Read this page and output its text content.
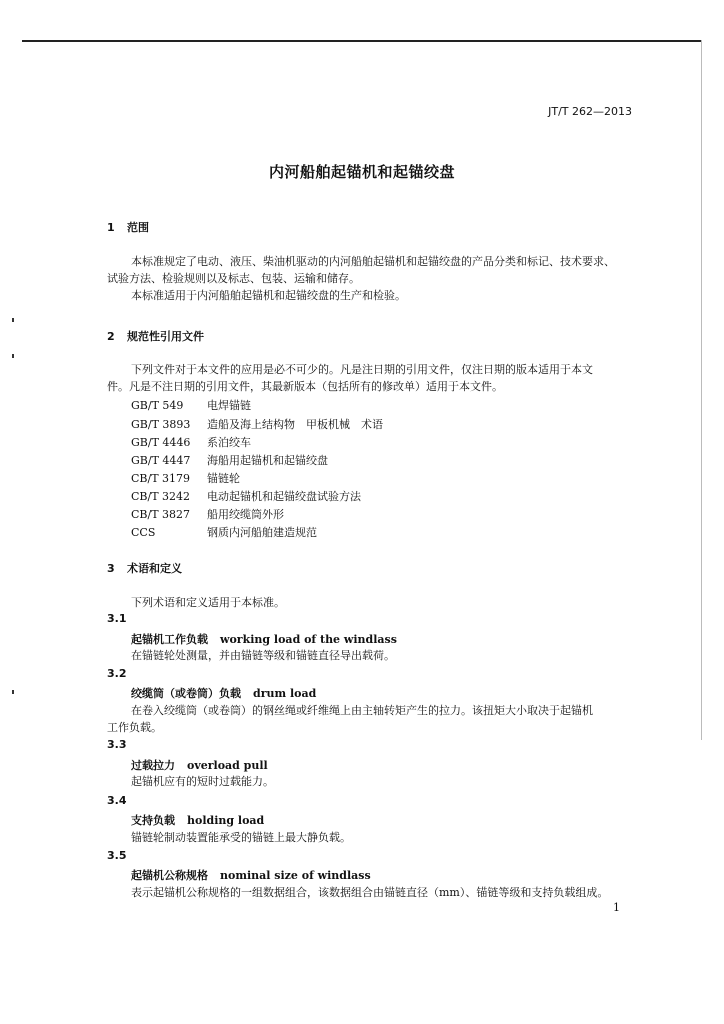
JT/T 262—2013
内河船舶起锚机和起锚绞盘
1 范围
本标准规定了电动、液压、柴油机驱动的内河船舶起锚机和起锚绞盘的产品分类和标记、技术要求、
试验方法、检验规则以及标志、包装、运输和储存。
本标准适用于内河船舶起锚机和起锚绞盘的生产和检验。
2 规范性引用文件
下列文件对于本文件的应用是必不可少的。凡是注日期的引用文件，仅注日期的版本适用于本文
件。凡是不注日期的引用文件，其最新版本（包括所有的修改单）适用于本文件。
GB/T 549 电焊锚链
GB/T 3893 造船及海上结构物　甲板机械　术语
GB/T 4446 系泊绞车
GB/T 4447 海船用起锚机和起锚绞盘
CB/T 3179 锚链轮
CB/T 3242 电动起锚机和起锚绞盘试验方法
CB/T 3827 船用绞缆筒外形
CCS	钢质内河船舶建造规范
3 术语和定义
下列术语和定义适用于本标准。
3.1
起锚机工作负载 working load of the windlass
在锚链轮处测量，并由锚链等级和锚链直径导出载荷。
3.2
绞缆筒（或卷筒）负载 drum load
在卷入绞缆筒（或卷筒）的钢丝绳或纤维绳上由主轴转矩产生的拉力。该扭矩大小取决于起锚机
工作负载。
3.3
过载拉力 overload pull
起锚机应有的短时过载能力。
3.4
支持负载 holding load
锚链轮制动装置能承受的锚链上最大静负载。
3.5
起锚机公称规格 nominal size of windlass
表示起锚机公称规格的一组数据组合，该数据组合由锚链直径（mm）、锚链等级和支持负载组成。
1
